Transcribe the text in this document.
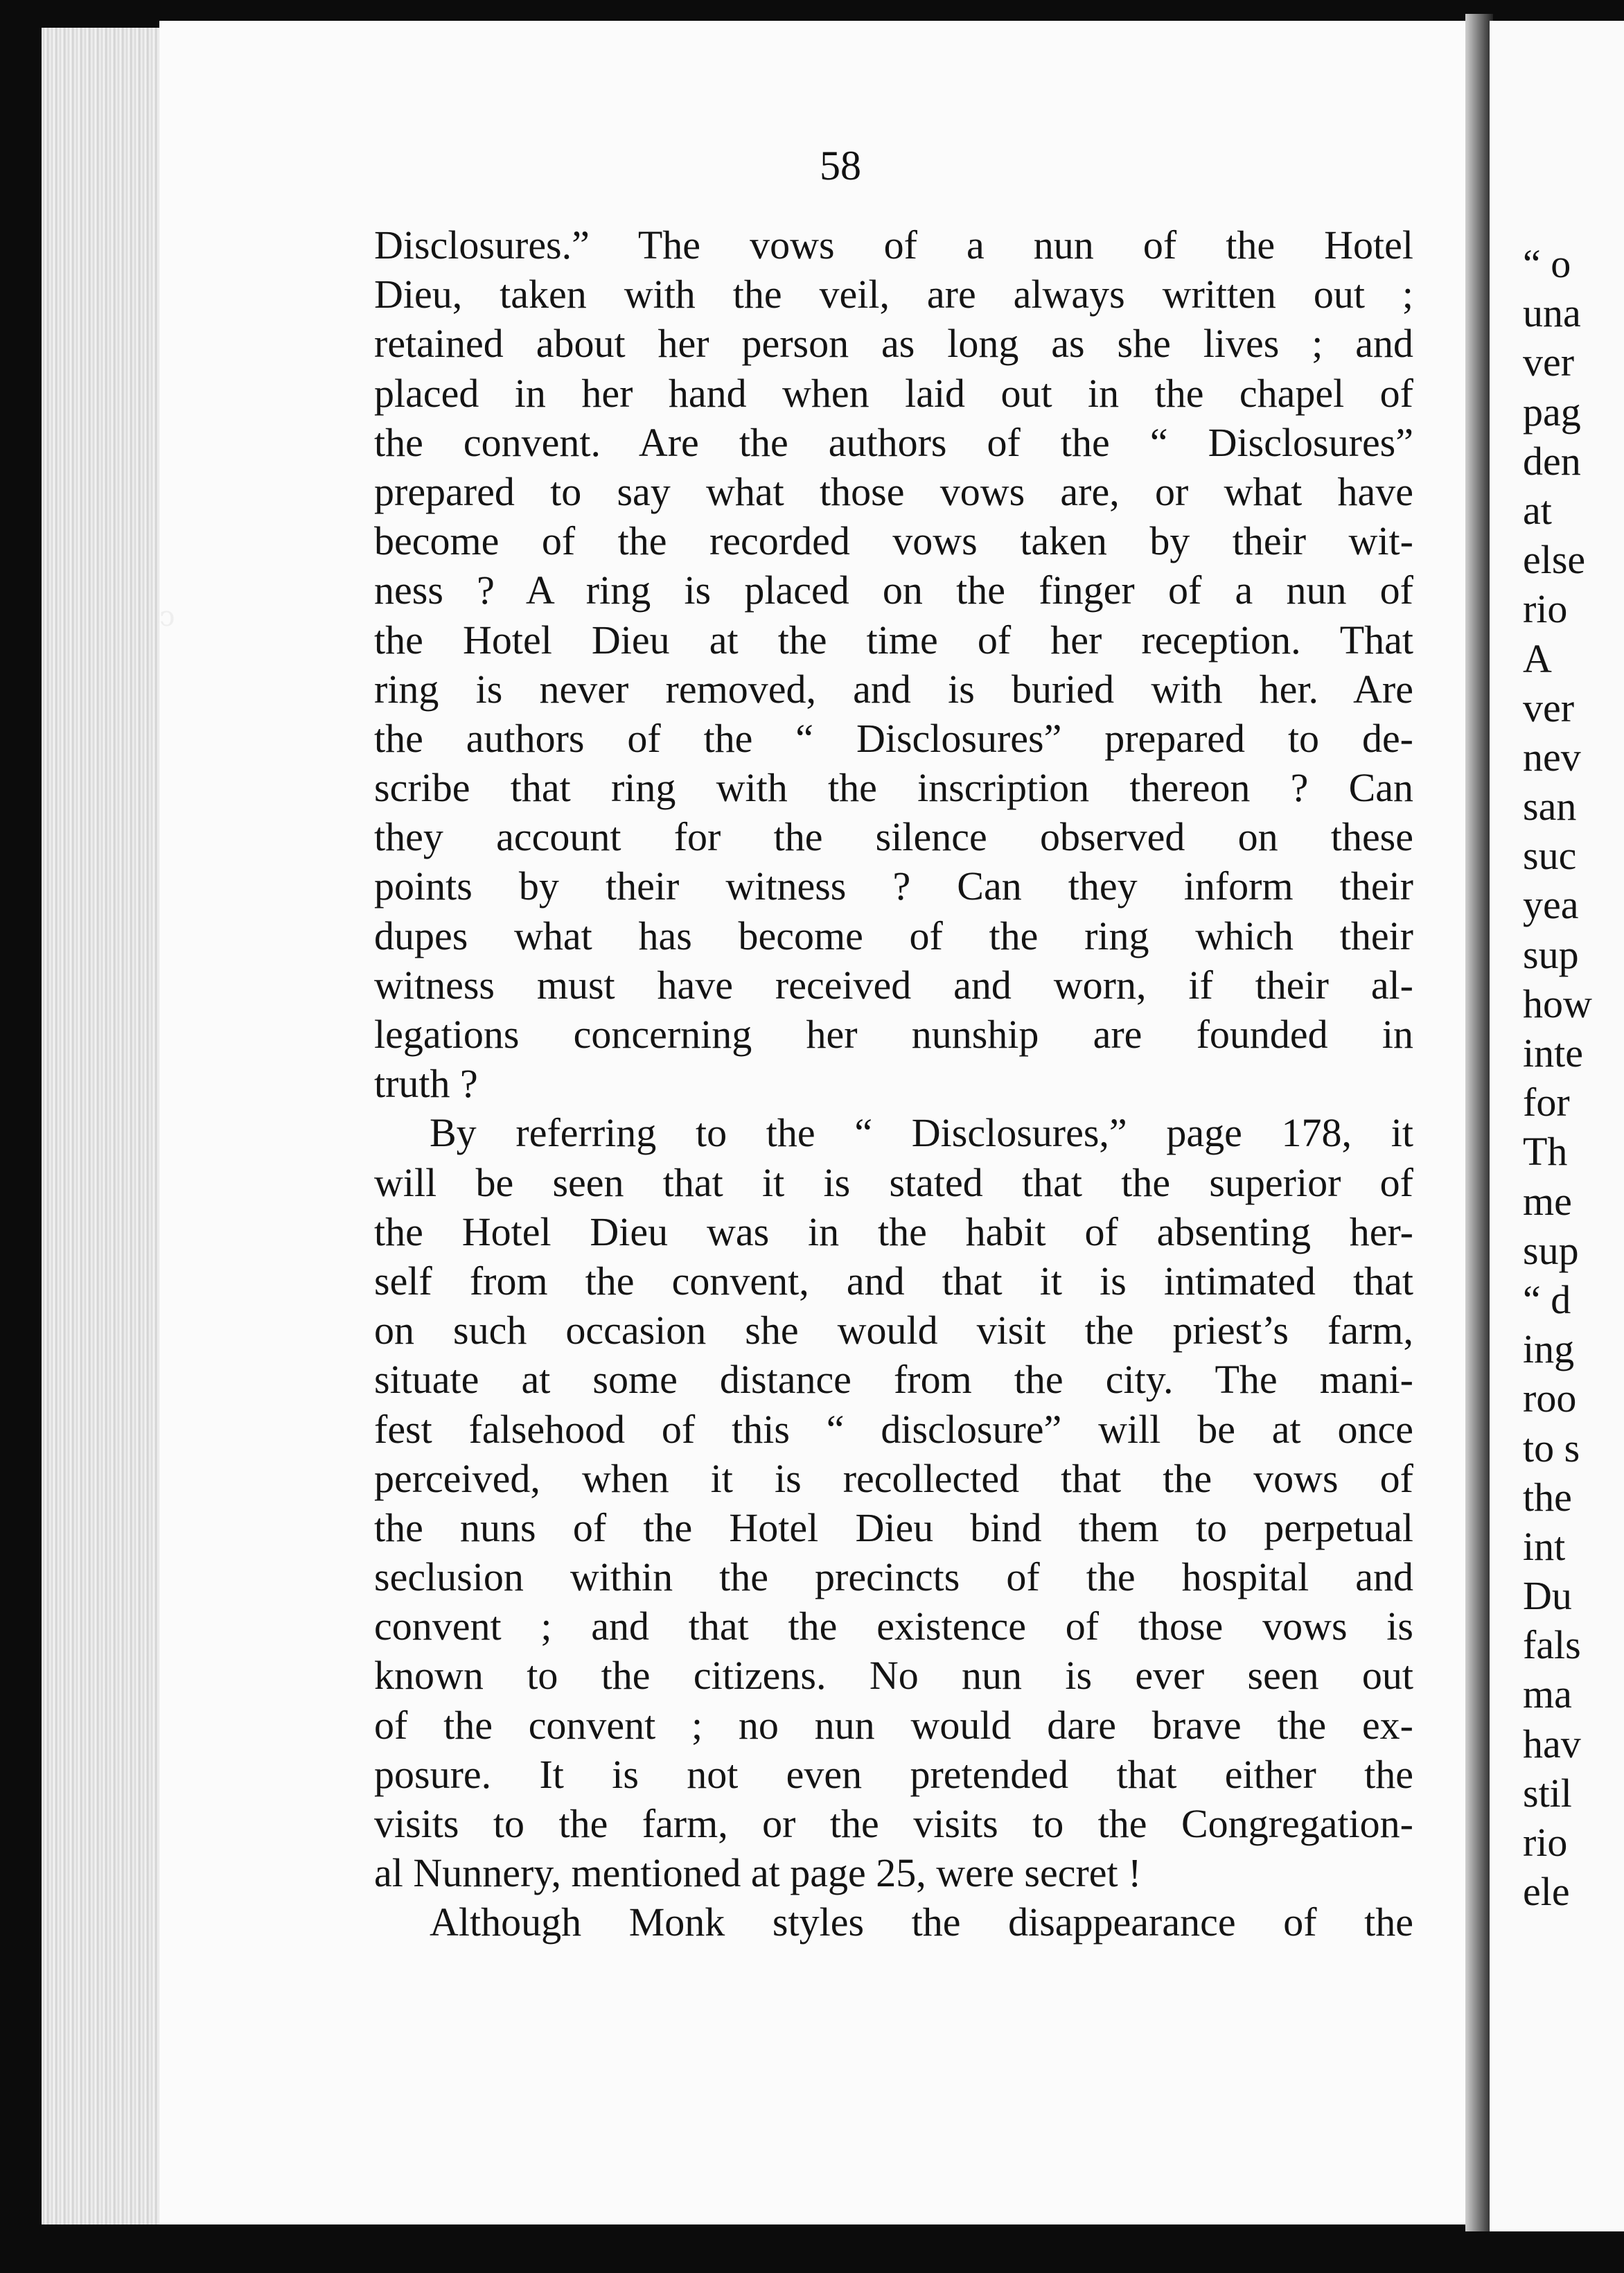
ↄ
58
Disclosures.” The vows of a nun of the Hotel
Dieu, taken with the veil, are always written out ;
retained about her person as long as she lives ; and
placed in her hand when laid out in the chapel of
the convent. Are the authors of the “ Disclosures”
prepared to say what those vows are, or what have
become of the recorded vows taken by their wit-
ness ? A ring is placed on the finger of a nun of
the Hotel Dieu at the time of her reception. That
ring is never removed, and is buried with her. Are
the authors of the “ Disclosures” prepared to de-
scribe that ring with the inscription thereon ? Can
they account for the silence observed on these
points by their witness ? Can they inform their
dupes what has become of the ring which their
witness must have received and worn, if their al-
legations concerning her nunship are founded in
truth ?
By referring to the “ Disclosures,” page 178, it
will be seen that it is stated that the superior of
the Hotel Dieu was in the habit of absenting her-
self from the convent, and that it is intimated that
on such occasion she would visit the priest’s farm,
situate at some distance from the city. The mani-
fest falsehood of this “ disclosure” will be at once
perceived, when it is recollected that the vows of
the nuns of the Hotel Dieu bind them to perpetual
seclusion within the precincts of the hospital and
convent ; and that the existence of those vows is
known to the citizens. No nun is ever seen out
of the convent ; no nun would dare brave the ex-
posure. It is not even pretended that either the
visits to the farm, or the visits to the Congregation-
al Nunnery, mentioned at page 25, were secret !
Although Monk styles the disappearance of the
“ o
una
ver
pag
den
at
else
rio
A
ver
nev
san
suc
yea
sup
how
inte
for
Th
me
sup
“ d
ing
roo
to s
the
int
Du
fals
ma
hav
stil
rio
ele
